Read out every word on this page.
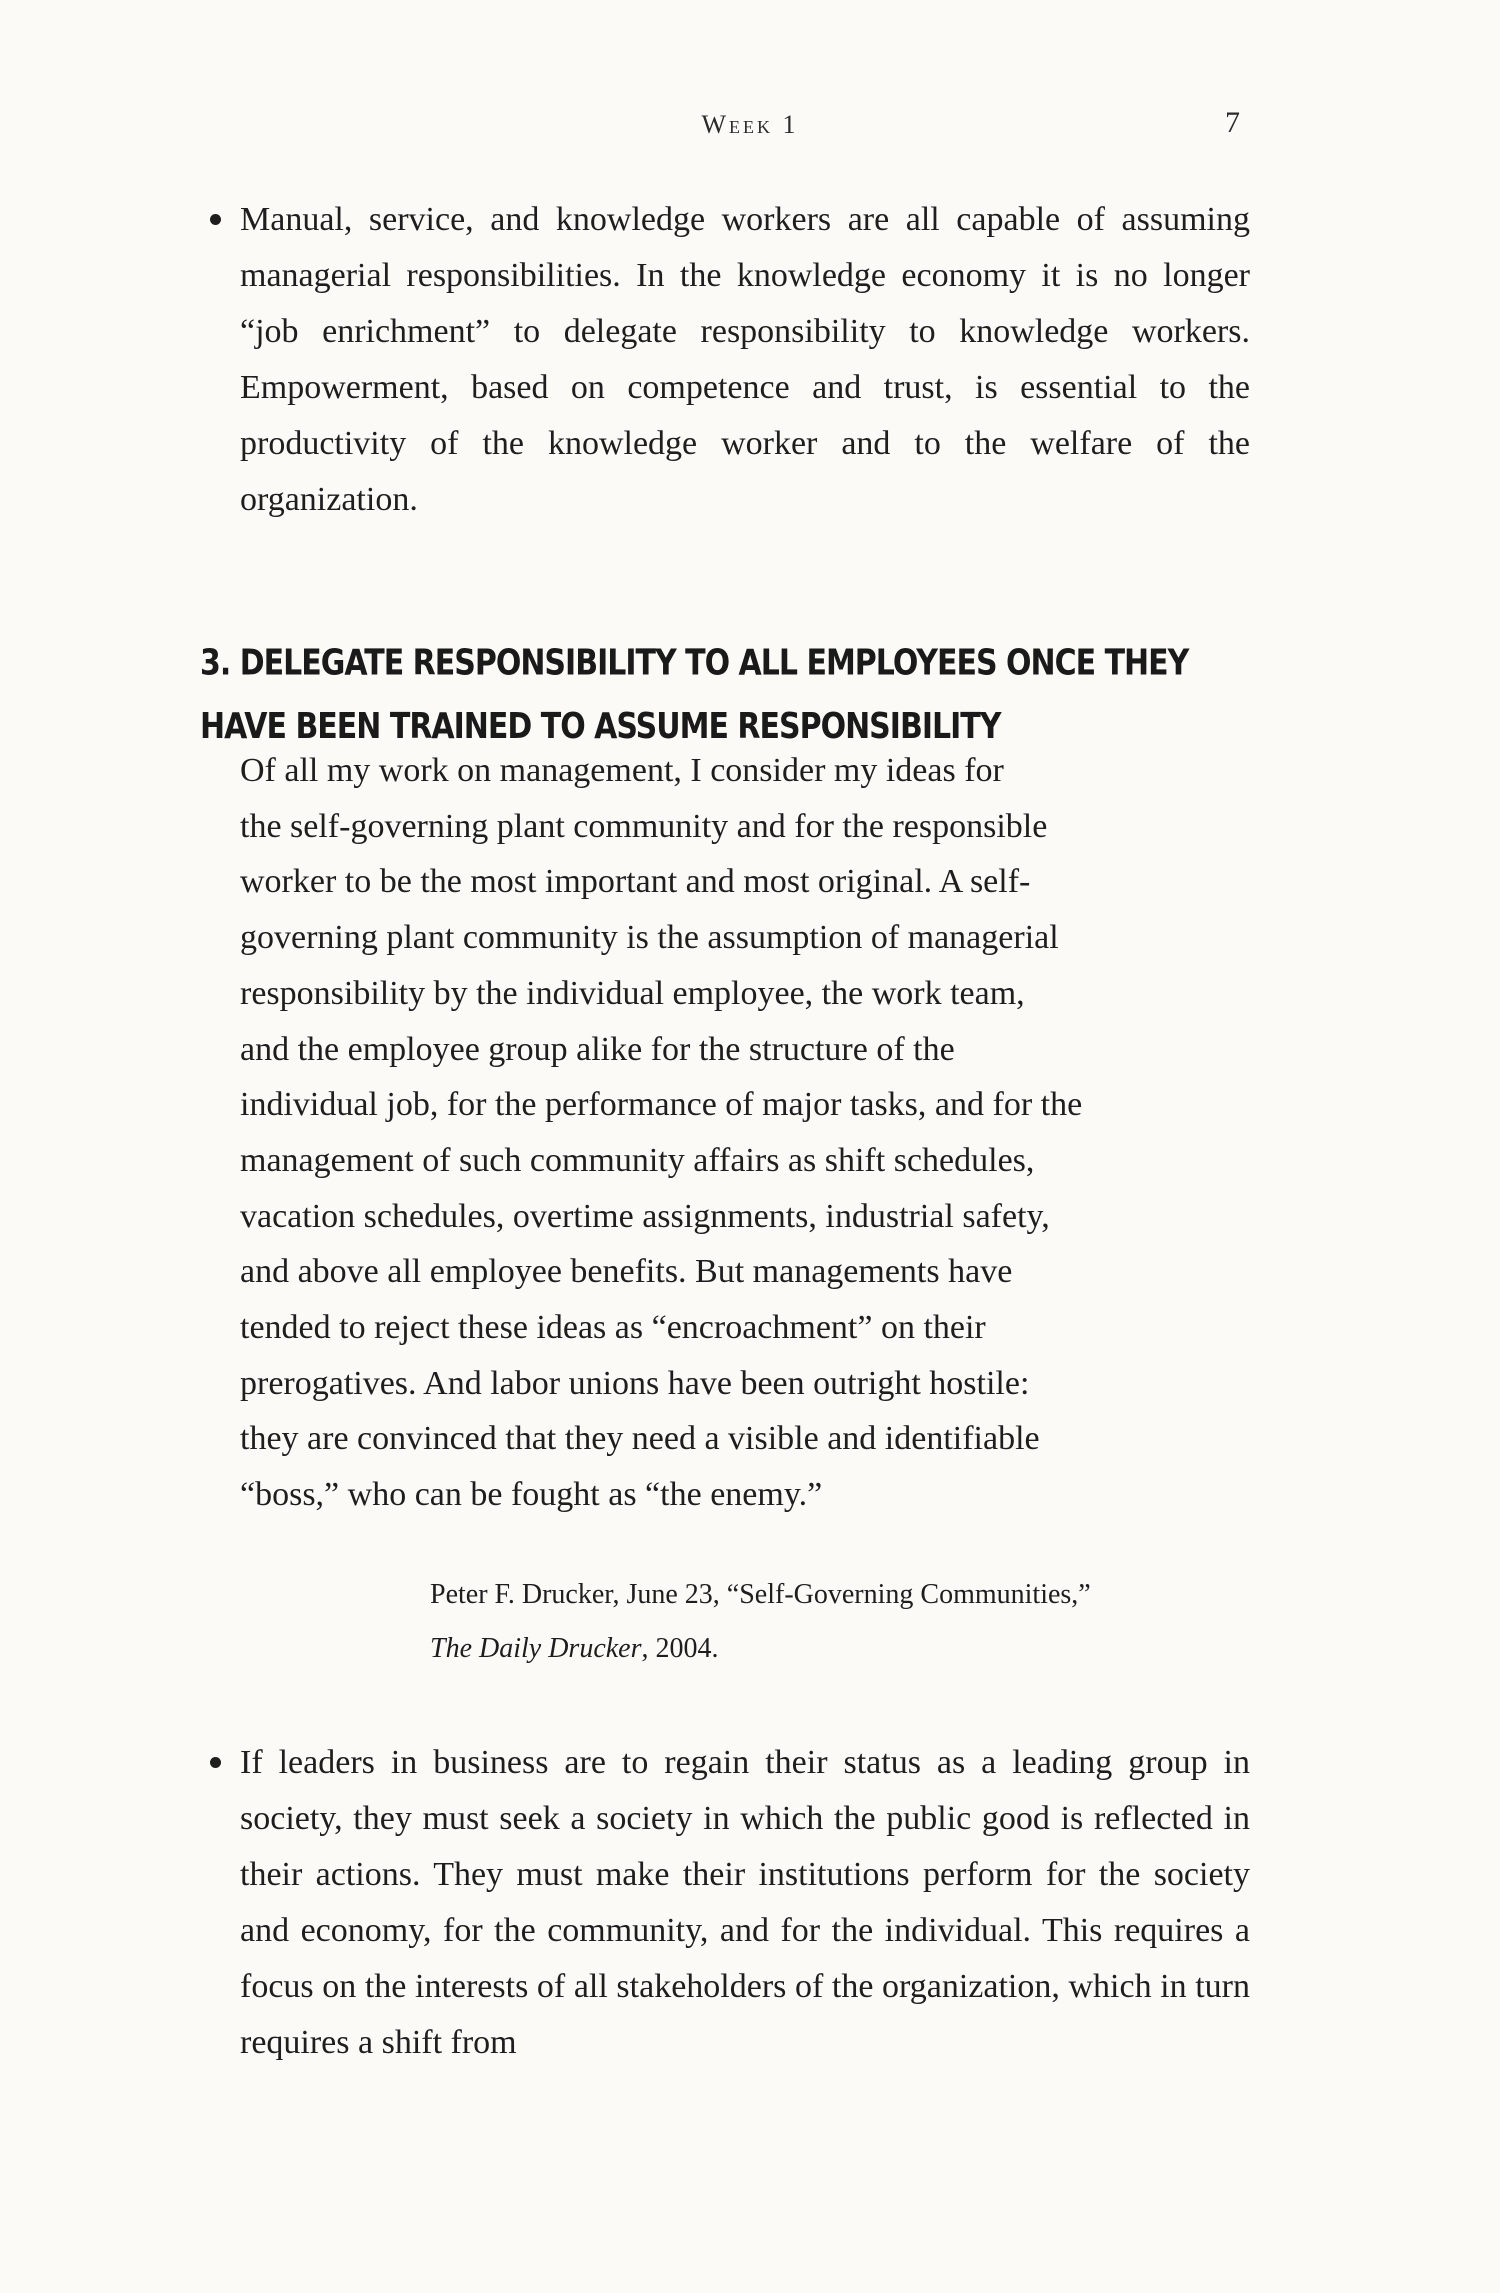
Week 1	7
Manual, service, and knowledge workers are all capable of assuming managerial responsibilities. In the knowledge economy it is no longer “job enrichment” to delegate responsibility to knowledge workers. Empowerment, based on competence and trust, is essential to the productivity of the knowledge worker and to the welfare of the organization.
3. DELEGATE RESPONSIBILITY TO ALL EMPLOYEES ONCE THEY HAVE BEEN TRAINED TO ASSUME RESPONSIBILITY
Of all my work on management, I consider my ideas for
the self-governing plant community and for the responsible
worker to be the most important and most original. A self-
governing plant community is the assumption of managerial
responsibility by the individual employee, the work team,
and the employee group alike for the structure of the
individual job, for the performance of major tasks, and for the
management of such community affairs as shift schedules,
vacation schedules, overtime assignments, industrial safety,
and above all employee benefits. But managements have
tended to reject these ideas as “encroachment” on their
prerogatives. And labor unions have been outright hostile:
they are convinced that they need a visible and identifiable
“boss,” who can be fought as “the enemy.”
Peter F. Drucker, June 23, “Self-Governing Communities,”
The Daily Drucker, 2004.
If leaders in business are to regain their status as a leading group in society, they must seek a society in which the public good is reflected in their actions. They must make their institutions perform for the society and economy, for the community, and for the individual. This requires a focus on the interests of all stakeholders of the organization, which in turn requires a shift from
